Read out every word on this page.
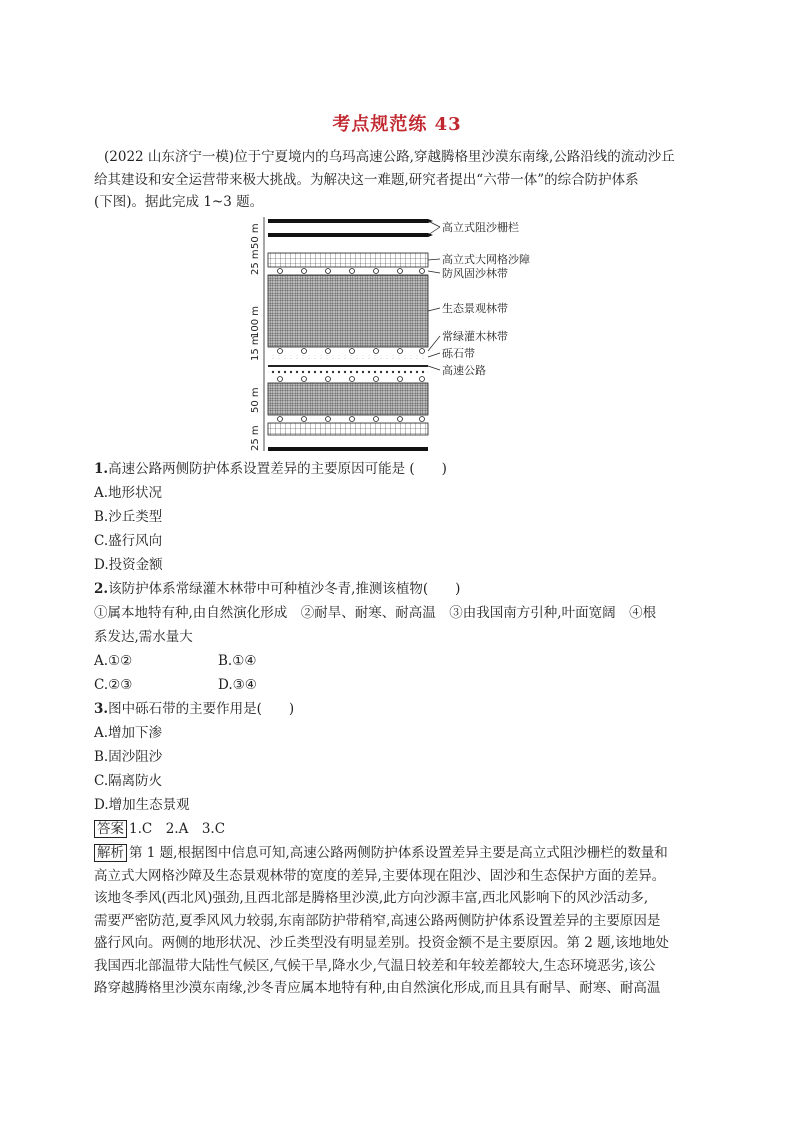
考点规范练 43
(2022 山东济宁一模)位于宁夏境内的乌玛高速公路,穿越腾格里沙漠东南缘,公路沿线的流动沙丘
给其建设和安全运营带来极大挑战。为解决这一难题,研究者提出“六带一体”的综合防护体系
(下图)。据此完成 1~3 题。
50 m
25 m
100 m
15 m
50 m
25 m
高立式阻沙栅栏
高立式大网格沙障
防风固沙林带
生态景观林带
常绿灌木林带
砾石带
高速公路
1.高速公路两侧防护体系设置差异的主要原因可能是 (　　)
A.地形状况
B.沙丘类型
C.盛行风向
D.投资金额
2.该防护体系常绿灌木林带中可种植沙冬青,推测该植物(　　)
①属本地特有种,由自然演化形成　②耐旱、耐寒、耐高温　③由我国南方引种,叶面宽阔　④根
系发达,需水量大
A.①②	B.①④
C.②③	D.③④
3.图中砾石带的主要作用是(　　)
A.增加下渗
B.固沙阻沙
C.隔离防火
D.增加生态景观
答案 1.C　2.A　3.C
解析 第 1 题,根据图中信息可知,高速公路两侧防护体系设置差异主要是高立式阻沙栅栏的数量和
高立式大网格沙障及生态景观林带的宽度的差异,主要体现在阻沙、固沙和生态保护方面的差异。
该地冬季风(西北风)强劲,且西北部是腾格里沙漠,此方向沙源丰富,西北风影响下的风沙活动多,
需要严密防范,夏季风风力较弱,东南部防护带稍窄,高速公路两侧防护体系设置差异的主要原因是
盛行风向。两侧的地形状况、沙丘类型没有明显差别。投资金额不是主要原因。第 2 题,该地地处
我国西北部温带大陆性气候区,气候干旱,降水少,气温日较差和年较差都较大,生态环境恶劣,该公
路穿越腾格里沙漠东南缘,沙冬青应属本地特有种,由自然演化形成,而且具有耐旱、耐寒、耐高温
